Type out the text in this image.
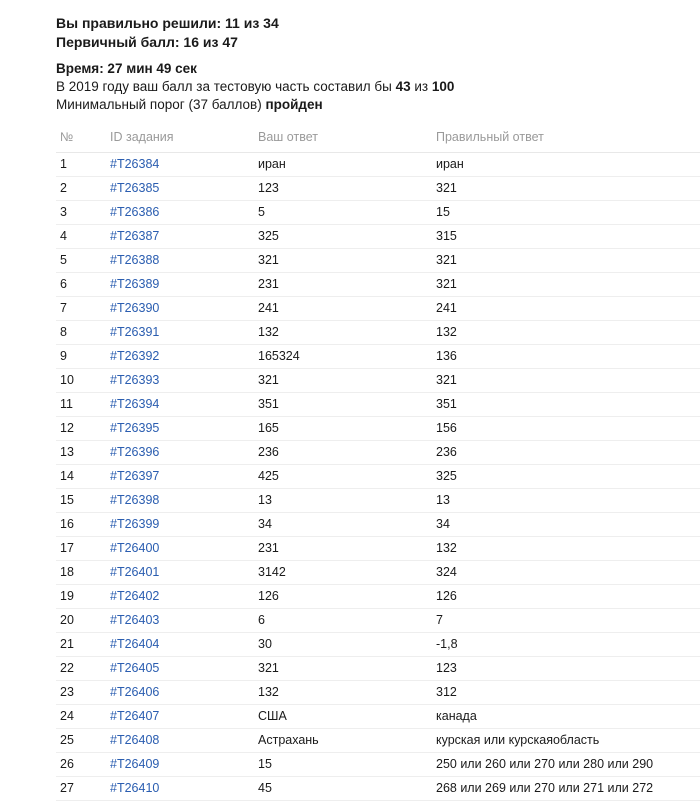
Вы правильно решили: 11 из 34
Первичный балл: 16 из 47
Время: 27 мин 49 сек
В 2019 году ваш балл за тестовую часть составил бы 43 из 100
Минимальный порог (37 баллов) пройден
№	ID задания	Ваш ответ	Правильный ответ
1	#T26384	иран	иран
2	#T26385	123	321
3	#T26386	5	15
4	#T26387	325	315
5	#T26388	321	321
6	#T26389	231	321
7	#T26390	241	241
8	#T26391	132	132
9	#T26392	165324	136
10	#T26393	321	321
11	#T26394	351	351
12	#T26395	165	156
13	#T26396	236	236
14	#T26397	425	325
15	#T26398	13	13
16	#T26399	34	34
17	#T26400	231	132
18	#T26401	3142	324
19	#T26402	126	126
20	#T26403	6	7
21	#T26404	30	-1,8
22	#T26405	321	123
23	#T26406	132	312
24	#T26407	США	канада
25	#T26408	Астрахань	курская или курскаяобласть
26	#T26409	15	250 или 260 или 270 или 280 или 290
27	#T26410	45	268 или 269 или 270 или 271 или 272
